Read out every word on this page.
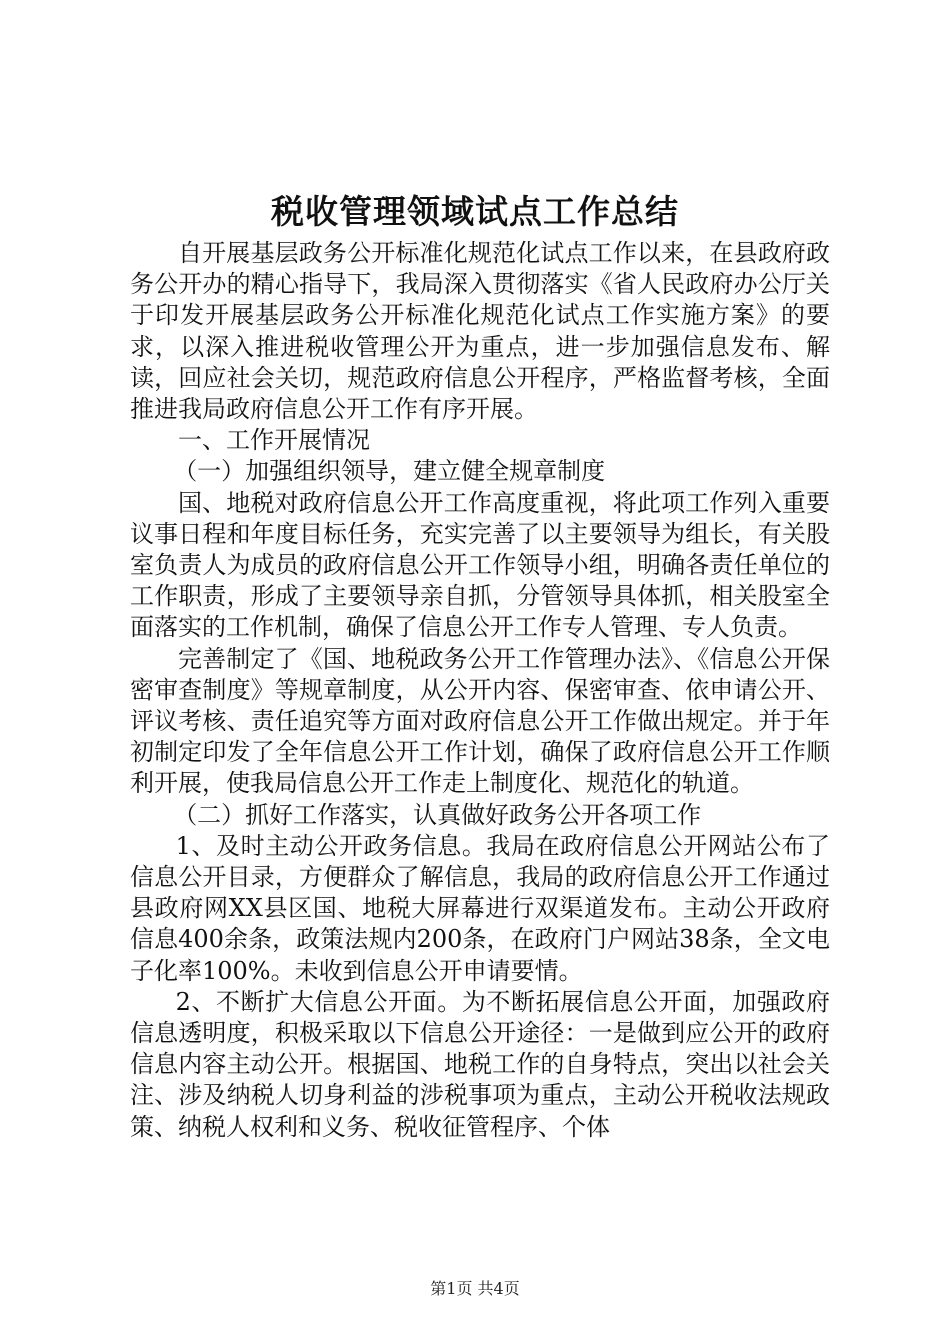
税收管理领域试点工作总结

自开展基层政务公开标准化规范化试点工作以来，在县政府政务公开办的精心指导下，我局深入贯彻落实《省人民政府办公厅关于印发开展基层政务公开标准化规范化试点工作实施方案》的要求，以深入推进税收管理公开为重点，进一步加强信息发布、解读，回应社会关切，规范政府信息公开程序，严格监督考核，全面推进我局政府信息公开工作有序开展。

一、工作开展情况

（一）加强组织领导，建立健全规章制度

国、地税对政府信息公开工作高度重视，将此项工作列入重要议事日程和年度目标任务，充实完善了以主要领导为组长，有关股室负责人为成员的政府信息公开工作领导小组，明确各责任单位的工作职责，形成了主要领导亲自抓，分管领导具体抓，相关股室全面落实的工作机制，确保了信息公开工作专人管理、专人负责。

完善制定了《国、地税政务公开工作管理办法》、《信息公开保密审查制度》等规章制度，从公开内容、保密审查、依申请公开、评议考核、责任追究等方面对政府信息公开工作做出规定。并于年初制定印发了全年信息公开工作计划，确保了政府信息公开工作顺利开展，使我局信息公开工作走上制度化、规范化的轨道。

（二）抓好工作落实，认真做好政务公开各项工作

1、及时主动公开政务信息。我局在政府信息公开网站公布了信息公开目录，方便群众了解信息，我局的政府信息公开工作通过县政府网XX县区国、地税大屏幕进行双渠道发布。主动公开政府信息400余条，政策法规内200条，在政府门户网站38条，全文电子化率100%。未收到信息公开申请要情。

2、不断扩大信息公开面。为不断拓展信息公开面，加强政府信息透明度，积极采取以下信息公开途径：一是做到应公开的政府信息内容主动公开。根据国、地税工作的自身特点，突出以社会关注、涉及纳税人切身利益的涉税事项为重点，主动公开税收法规政策、纳税人权利和义务、税收征管程序、个体

第1页 共4页
